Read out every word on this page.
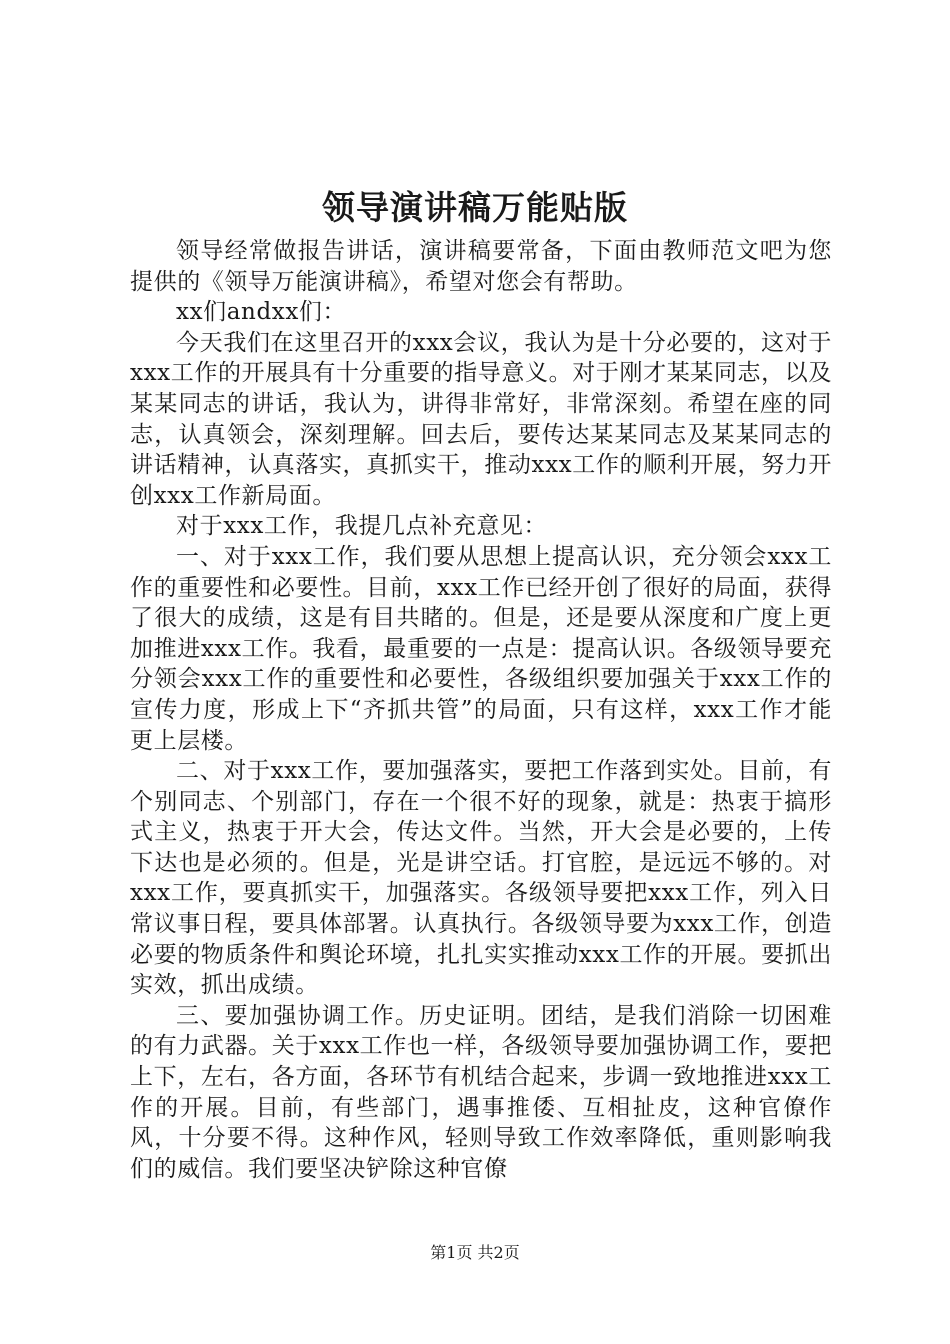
领导演讲稿万能贴版

领导经常做报告讲话，演讲稿要常备，下面由教师范文吧为您提供的《领导万能演讲稿》，希望对您会有帮助。

xx们andxx们：

今天我们在这里召开的xxx会议，我认为是十分必要的，这对于xxx工作的开展具有十分重要的指导意义。对于刚才某某同志，以及某某同志的讲话，我认为，讲得非常好，非常深刻。希望在座的同志，认真领会，深刻理解。回去后，要传达某某同志及某某同志的讲话精神，认真落实，真抓实干，推动xxx工作的顺利开展，努力开创xxx工作新局面。

对于xxx工作，我提几点补充意见：

一、对于xxx工作，我们要从思想上提高认识，充分领会xxx工作的重要性和必要性。目前，xxx工作已经开创了很好的局面，获得了很大的成绩，这是有目共睹的。但是，还是要从深度和广度上更加推进xxx工作。我看，最重要的一点是：提高认识。各级领导要充分领会xxx工作的重要性和必要性，各级组织要加强关于xxx工作的宣传力度，形成上下“齐抓共管”的局面，只有这样，xxx工作才能更上层楼。

二、对于xxx工作，要加强落实，要把工作落到实处。目前，有个别同志、个别部门，存在一个很不好的现象，就是：热衷于搞形式主义，热衷于开大会，传达文件。当然，开大会是必要的，上传下达也是必须的。但是，光是讲空话。打官腔，是远远不够的。对xxx工作，要真抓实干，加强落实。各级领导要把xxx工作，列入日常议事日程，要具体部署。认真执行。各级领导要为xxx工作，创造必要的物质条件和舆论环境，扎扎实实推动xxx工作的开展。要抓出实效，抓出成绩。

三、要加强协调工作。历史证明。团结，是我们消除一切困难的有力武器。关于xxx工作也一样，各级领导要加强协调工作，要把上下，左右，各方面，各环节有机结合起来，步调一致地推进xxx工作的开展。目前，有些部门，遇事推倭、互相扯皮，这种官僚作风，十分要不得。这种作风，轻则导致工作效率降低，重则影响我们的威信。我们要坚决铲除这种官僚

第1页 共2页
